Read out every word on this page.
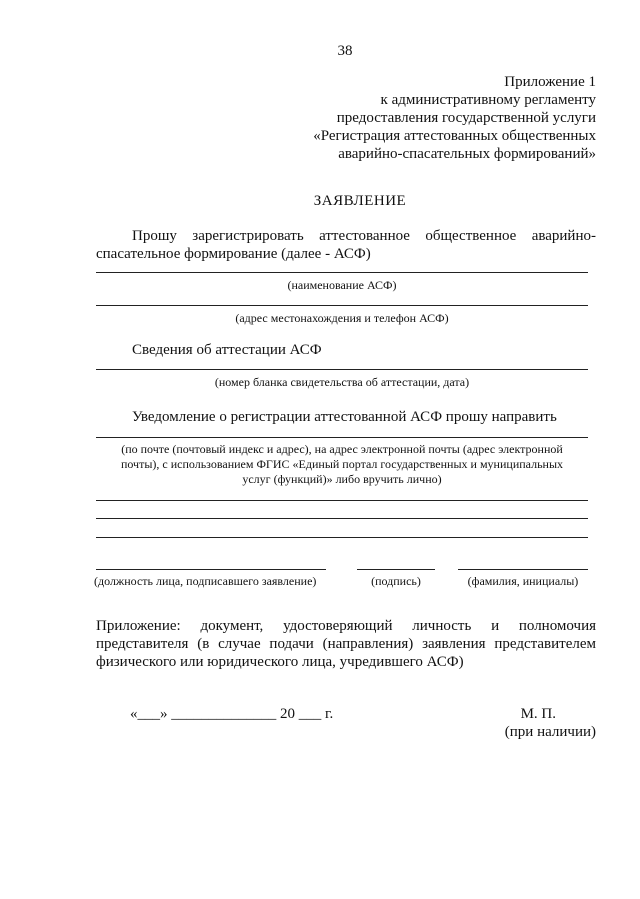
38
Приложение 1
к административному регламенту
предоставления государственной услуги
«Регистрация аттестованных общественных
аварийно-спасательных формирований»
ЗАЯВЛЕНИЕ
Прошу зарегистрировать аттестованное общественное аварийно-
спасательное формирование (далее - АСФ)
(наименование АСФ)
(адрес местонахождения и телефон АСФ)
Сведения об аттестации АСФ
(номер бланка свидетельства об аттестации, дата)
Уведомление о регистрации аттестованной АСФ прошу направить
(по почте (почтовый индекс и адрес), на адрес электронной почты (адрес электронной
почты), с использованием ФГИС «Единый портал государственных и муниципальных
услуг (функций)» либо вручить лично)
(должность лица, подписавшего заявление)	(подпись)	(фамилия, инициалы)
Приложение: документ, удостоверяющий личность и полномочия
представителя (в случае подачи (направления) заявления представителем
физического или юридического лица, учредившего АСФ)
«___» ______________ 20 ___ г.	М. П.
(при наличии)
